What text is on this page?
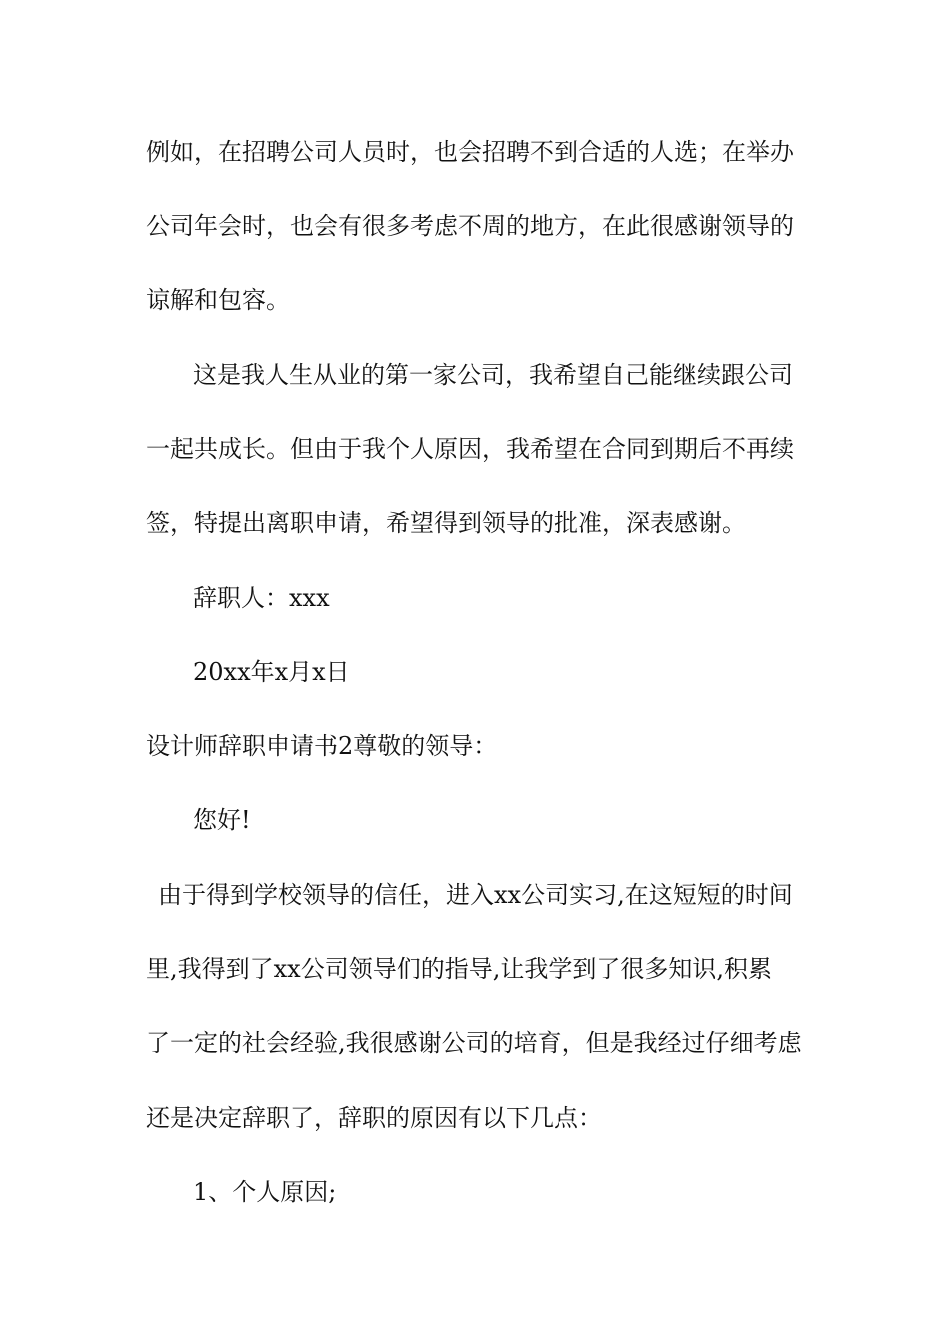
例如，在招聘公司人员时，也会招聘不到合适的人选；在举办
公司年会时，也会有很多考虑不周的地方，在此很感谢领导的
谅解和包容。
这是我人生从业的第一家公司，我希望自己能继续跟公司
一起共成长。但由于我个人原因，我希望在合同到期后不再续
签，特提出离职申请，希望得到领导的批准，深表感谢。
辞职人：xxx
20xx年x月x日
设计师辞职申请书2尊敬的领导：
您好!
由于得到学校领导的信任，进入xx公司实习,在这短短的时间
里,我得到了xx公司领导们的指导,让我学到了很多知识,积累
了一定的社会经验,我很感谢公司的培育，但是我经过仔细考虑
还是决定辞职了，辞职的原因有以下几点：
1、个人原因;
